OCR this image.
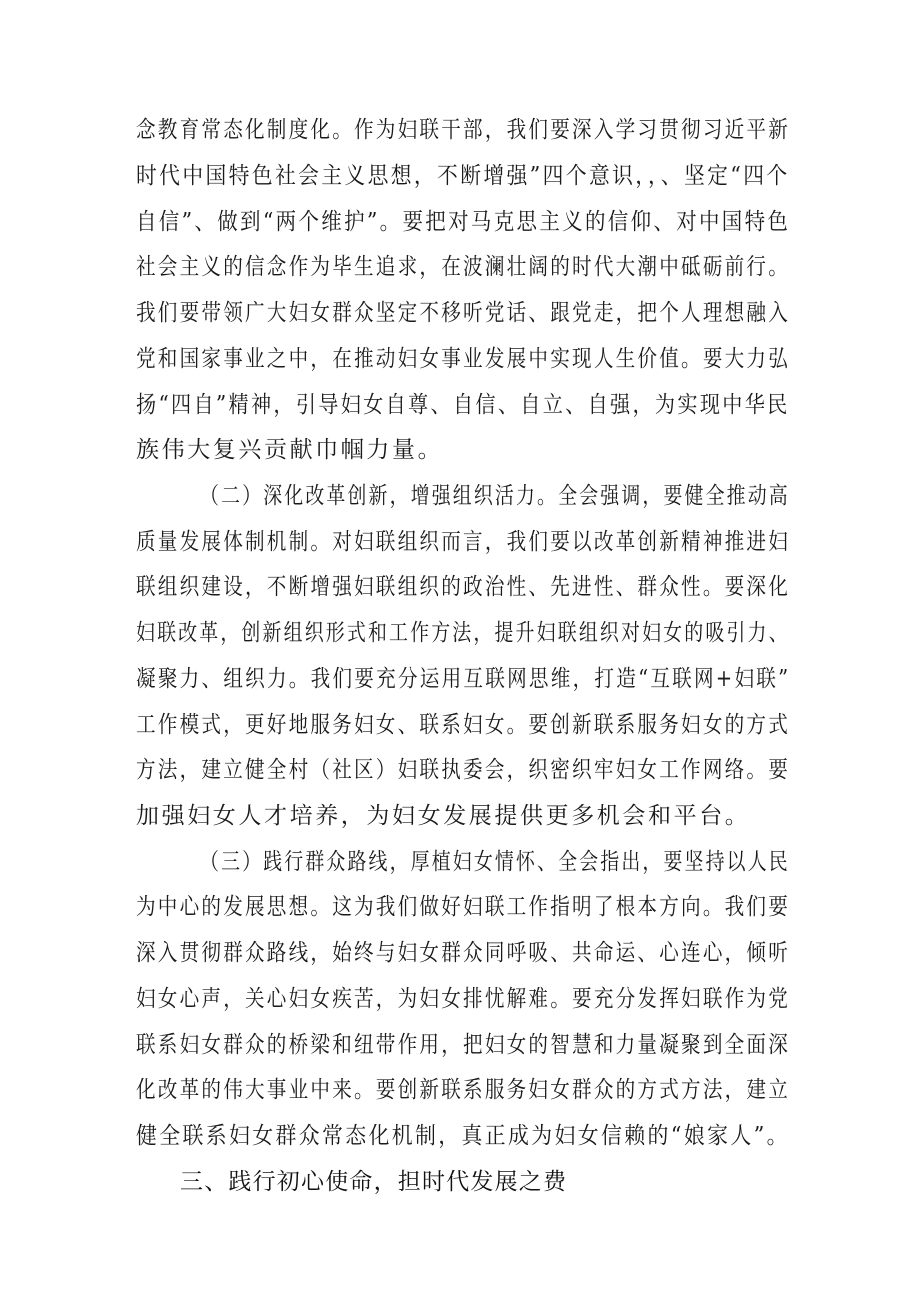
念教育常态化制度化。作为妇联干部，我们要深入学习贯彻习近平新
时代中国特色社会主义思想，不断增强”四个意识，，、坚定“四个
自信”、做到“两个维护”。要把对马克思主义的信仰、对中国特色
社会主义的信念作为毕生追求，在波澜壮阔的时代大潮中砥砺前行。
我们要带领广大妇女群众坚定不移听党话、跟党走，把个人理想融入
党和国家事业之中，在推动妇女事业发展中实现人生价值。要大力弘
扬“四自”精神，引导妇女自尊、自信、自立、自强，为实现中华民
族伟大复兴贡献巾帼力量。
（二）深化改革创新，增强组织活力。全会强调，要健全推动高
质量发展体制机制。对妇联组织而言，我们要以改革创新精神推进妇
联组织建设，不断增强妇联组织的政治性、先进性、群众性。要深化
妇联改革，创新组织形式和工作方法，提升妇联组织对妇女的吸引力、
凝聚力、组织力。我们要充分运用互联网思维，打造“互联网+妇联”
工作模式，更好地服务妇女、联系妇女。要创新联系服务妇女的方式
方法，建立健全村（社区）妇联执委会，织密织牢妇女工作网络。要
加强妇女人才培养，为妇女发展提供更多机会和平台。
（三）践行群众路线，厚植妇女情怀、全会指出，要坚持以人民
为中心的发展思想。这为我们做好妇联工作指明了根本方向。我们要
深入贯彻群众路线，始终与妇女群众同呼吸、共命运、心连心，倾听
妇女心声，关心妇女疾苦，为妇女排忧解难。要充分发挥妇联作为党
联系妇女群众的桥梁和纽带作用，把妇女的智慧和力量凝聚到全面深
化改革的伟大事业中来。要创新联系服务妇女群众的方式方法，建立
健全联系妇女群众常态化机制，真正成为妇女信赖的“娘家人”。
三、践行初心使命，担时代发展之费
